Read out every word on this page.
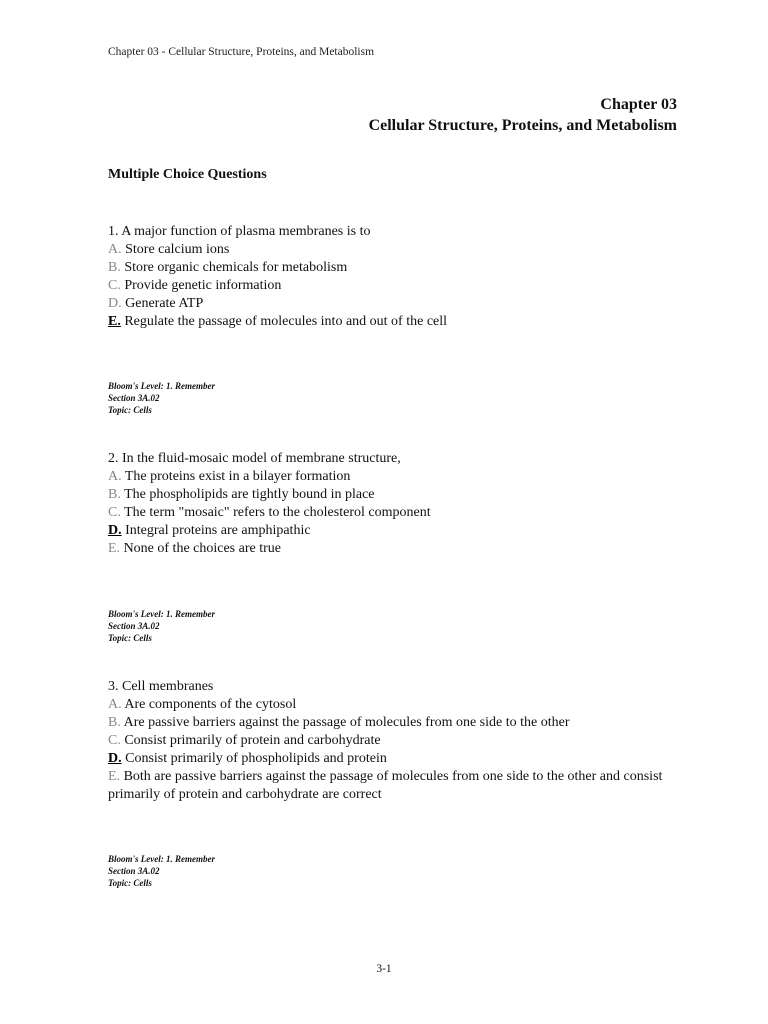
Chapter 03 - Cellular Structure, Proteins, and Metabolism
Chapter 03
Cellular Structure, Proteins, and Metabolism
Multiple Choice Questions
1. A major function of plasma membranes is to
A. Store calcium ions
B. Store organic chemicals for metabolism
C. Provide genetic information
D. Generate ATP
E. Regulate the passage of molecules into and out of the cell
Bloom's Level: 1. Remember
Section 3A.02
Topic: Cells
2. In the fluid-mosaic model of membrane structure,
A. The proteins exist in a bilayer formation
B. The phospholipids are tightly bound in place
C. The term "mosaic" refers to the cholesterol component
D. Integral proteins are amphipathic
E. None of the choices are true
Bloom's Level: 1. Remember
Section 3A.02
Topic: Cells
3. Cell membranes
A. Are components of the cytosol
B. Are passive barriers against the passage of molecules from one side to the other
C. Consist primarily of protein and carbohydrate
D. Consist primarily of phospholipids and protein
E. Both are passive barriers against the passage of molecules from one side to the other and consist primarily of protein and carbohydrate are correct
Bloom's Level: 1. Remember
Section 3A.02
Topic: Cells
3-1
